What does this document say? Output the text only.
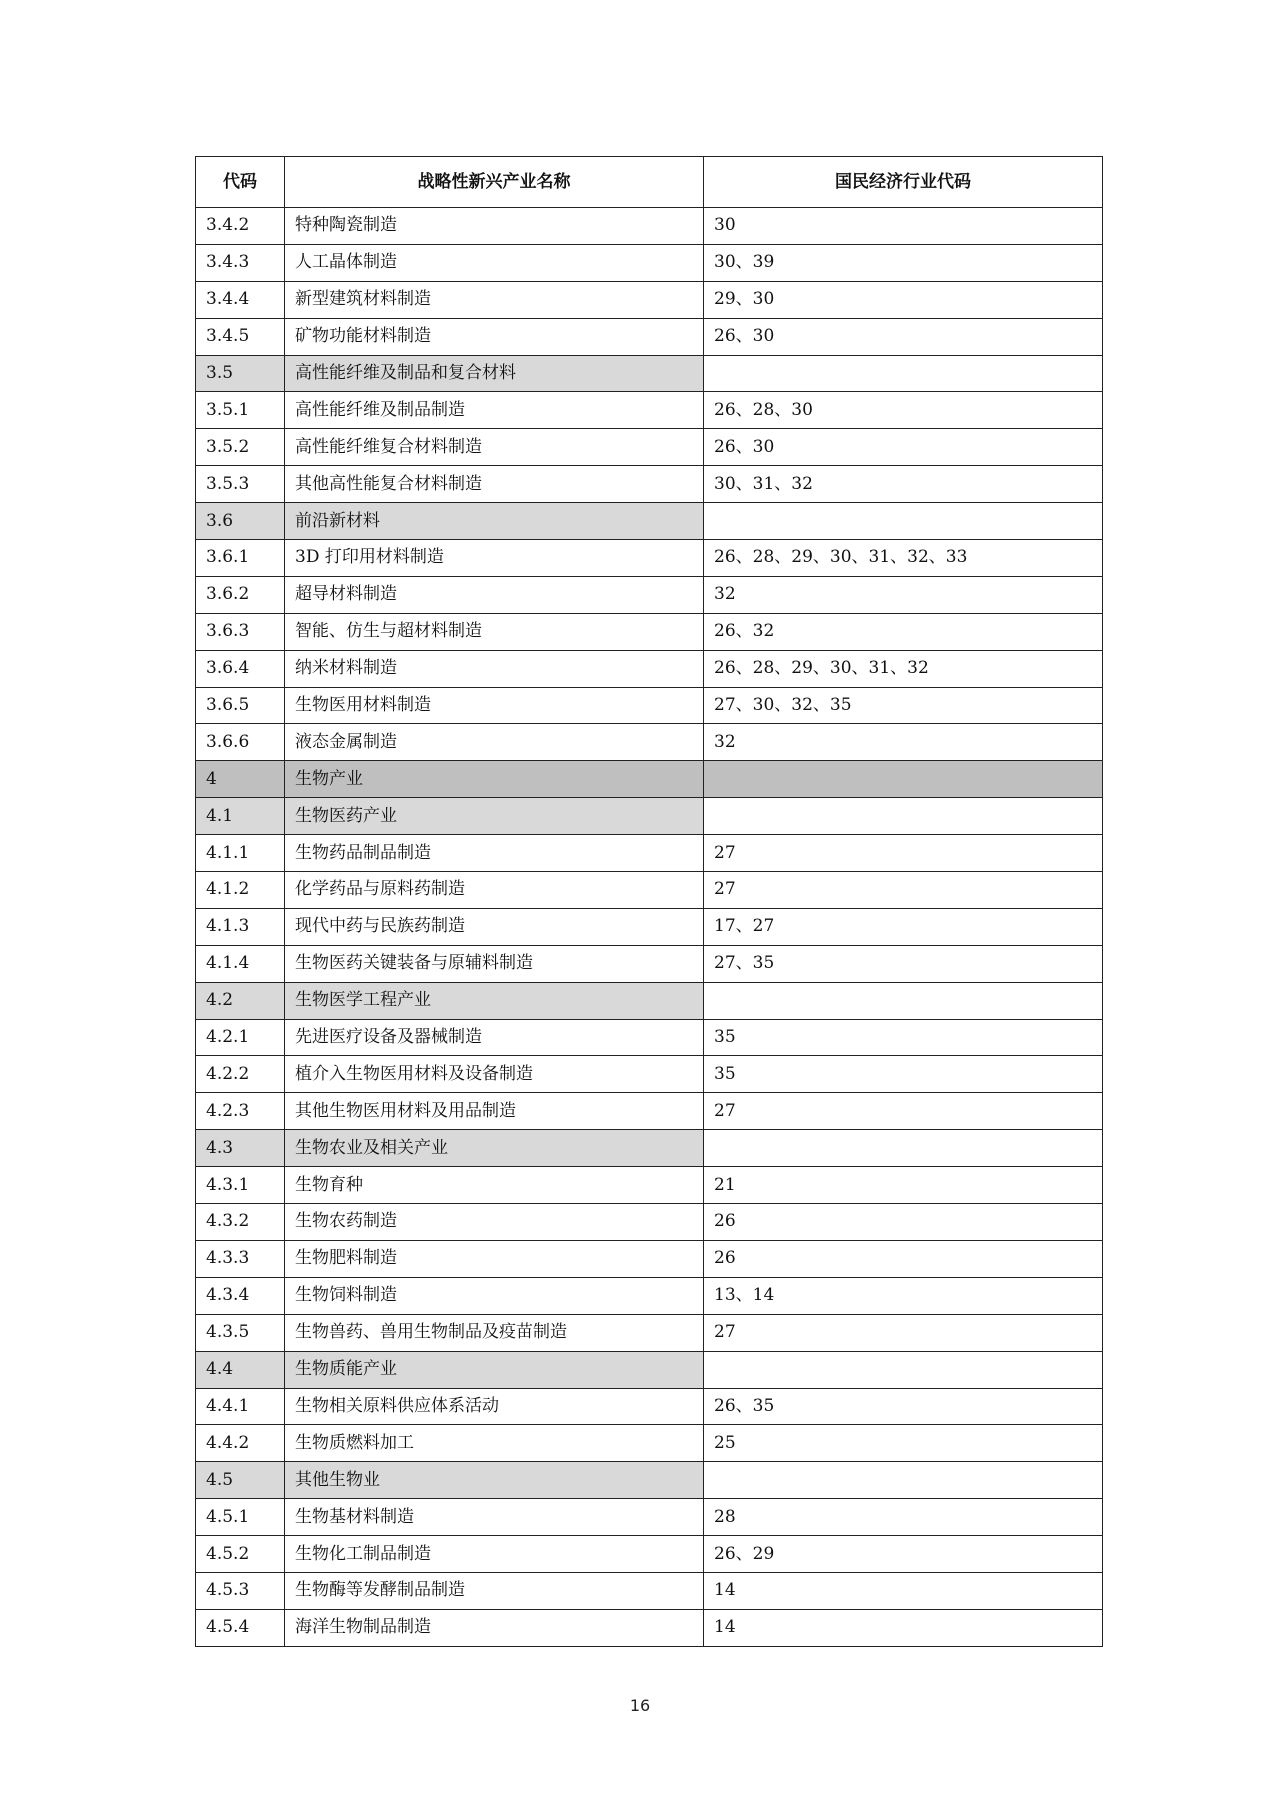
代码	战略性新兴产业名称	国民经济行业代码
3.4.2	特种陶瓷制造	30
3.4.3	人工晶体制造	30、39
3.4.4	新型建筑材料制造	29、30
3.4.5	矿物功能材料制造	26、30
3.5	高性能纤维及制品和复合材料	
3.5.1	高性能纤维及制品制造	26、28、30
3.5.2	高性能纤维复合材料制造	26、30
3.5.3	其他高性能复合材料制造	30、31、32
3.6	前沿新材料	
3.6.1	3D 打印用材料制造	26、28、29、30、31、32、33
3.6.2	超导材料制造	32
3.6.3	智能、仿生与超材料制造	26、32
3.6.4	纳米材料制造	26、28、29、30、31、32
3.6.5	生物医用材料制造	27、30、32、35
3.6.6	液态金属制造	32
4	生物产业	
4.1	生物医药产业	
4.1.1	生物药品制品制造	27
4.1.2	化学药品与原料药制造	27
4.1.3	现代中药与民族药制造	17、27
4.1.4	生物医药关键装备与原辅料制造	27、35
4.2	生物医学工程产业	
4.2.1	先进医疗设备及器械制造	35
4.2.2	植介入生物医用材料及设备制造	35
4.2.3	其他生物医用材料及用品制造	27
4.3	生物农业及相关产业	
4.3.1	生物育种	21
4.3.2	生物农药制造	26
4.3.3	生物肥料制造	26
4.3.4	生物饲料制造	13、14
4.3.5	生物兽药、兽用生物制品及疫苗制造	27
4.4	生物质能产业	
4.4.1	生物相关原料供应体系活动	26、35
4.4.2	生物质燃料加工	25
4.5	其他生物业	
4.5.1	生物基材料制造	28
4.5.2	生物化工制品制造	26、29
4.5.3	生物酶等发酵制品制造	14
4.5.4	海洋生物制品制造	14
16
